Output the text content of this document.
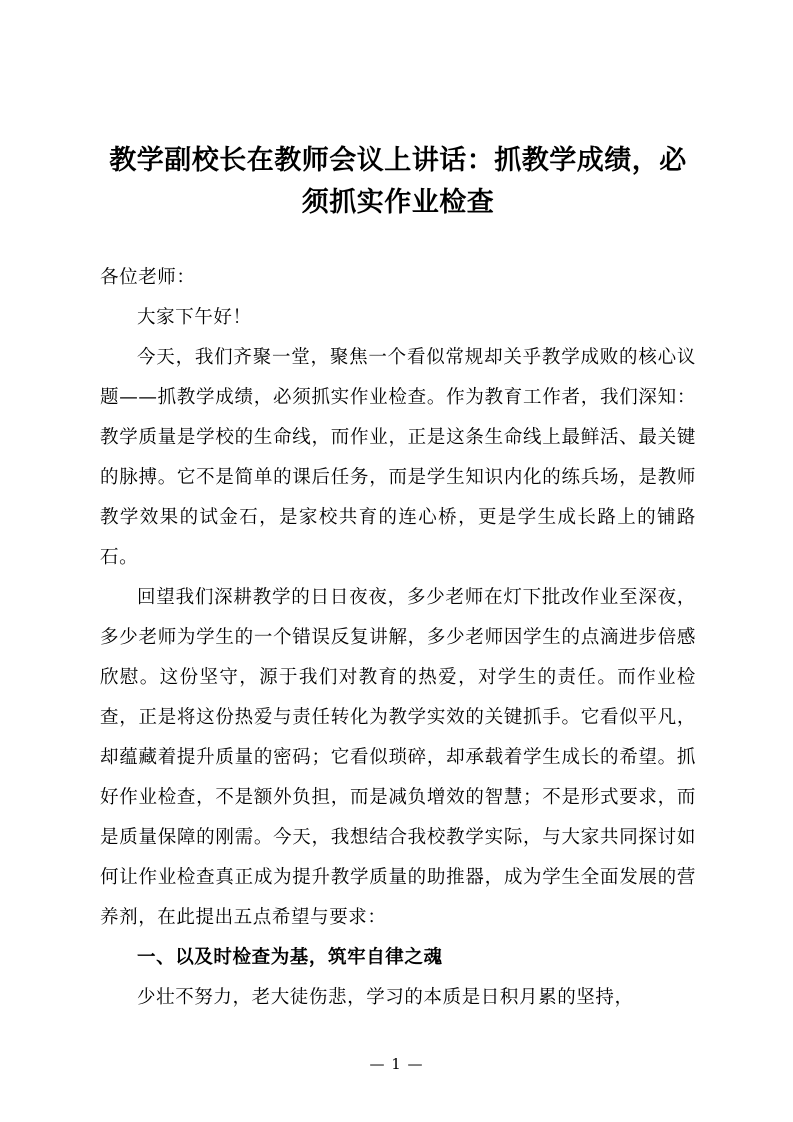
教学副校长在教师会议上讲话：抓教学成绩，必须抓实作业检查
各位老师：

大家下午好！

今天，我们齐聚一堂，聚焦一个看似常规却关乎教学成败的核心议题——抓教学成绩，必须抓实作业检查。作为教育工作者，我们深知：教学质量是学校的生命线，而作业，正是这条生命线上最鲜活、最关键的脉搏。它不是简单的课后任务，而是学生知识内化的练兵场，是教师教学效果的试金石，是家校共育的连心桥，更是学生成长路上的铺路石。

回望我们深耕教学的日日夜夜，多少老师在灯下批改作业至深夜，多少老师为学生的一个错误反复讲解，多少老师因学生的点滴进步倍感欣慰。这份坚守，源于我们对教育的热爱，对学生的责任。而作业检查，正是将这份热爱与责任转化为教学实效的关键抓手。它看似平凡，却蕴藏着提升质量的密码；它看似琐碎，却承载着学生成长的希望。抓好作业检查，不是额外负担，而是减负增效的智慧；不是形式要求，而是质量保障的刚需。今天，我想结合我校教学实际，与大家共同探讨如何让作业检查真正成为提升教学质量的助推器，成为学生全面发展的营养剂，在此提出五点希望与要求：

一、以及时检查为基，筑牢自律之魂

少壮不努力，老大徒伤悲，学习的本质是日积月累的坚持，

— 1 —
